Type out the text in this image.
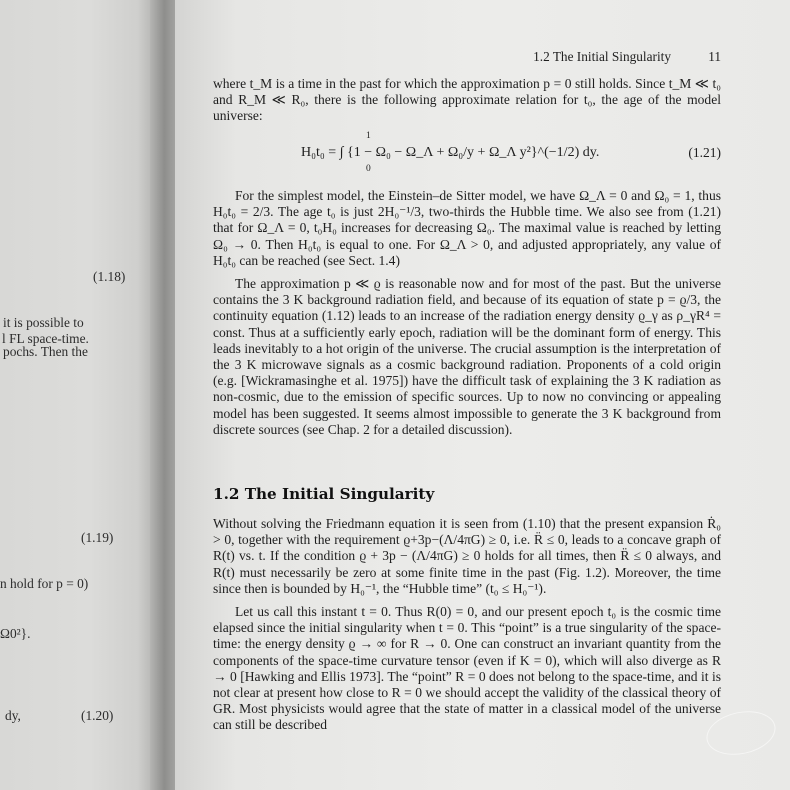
(1.18)
it is possible to
l FL space-time.
pochs. Then the
(1.19)
n hold for p = 0)
Ω0²}.
dy,	(1.20)
1.2 The Initial Singularity	11

where t_M is a time in the past for which the approximation p = 0 still holds. Since t_M ≪ t₀ and R_M ≪ R₀, there is the following approximate relation for t₀, the age of the model universe:

1
H₀t₀ = ∫ {1 − Ω₀ − Ω_Λ + Ω₀/y + Ω_Λ y²}^(−1/2) dy.
0
(1.21)

For the simplest model, the Einstein–de Sitter model, we have Ω_Λ = 0 and Ω₀ = 1, thus H₀t₀ = 2/3. The age t₀ is just 2H₀⁻¹/3, two-thirds the Hubble time. We also see from (1.21) that for Ω_Λ = 0, t₀H₀ increases for decreasing Ω₀. The maximal value is reached by letting Ω₀ → 0. Then H₀t₀ is equal to one. For Ω_Λ > 0, and adjusted appropriately, any value of H₀t₀ can be reached (see Sect. 1.4)

The approximation p ≪ ϱ is reasonable now and for most of the past. But the universe contains the 3 K background radiation field, and because of its equation of state p = ϱ/3, the continuity equation (1.12) leads to an increase of the radiation energy density ϱ_γ as ρ_γR⁴ = const. Thus at a sufficiently early epoch, radiation will be the dominant form of energy. This leads inevitably to a hot origin of the universe. The crucial assumption is the interpretation of the 3 K microwave signals as a cosmic background radiation. Proponents of a cold origin (e.g. [Wickramasinghe et al. 1975]) have the difficult task of explaining the 3 K radiation as non-cosmic, due to the emission of specific sources. Up to now no convincing or appealing model has been suggested. It seems almost impossible to generate the 3 K background from discrete sources (see Chap. 2 for a detailed discussion).

1.2 The Initial Singularity

Without solving the Friedmann equation it is seen from (1.10) that the present expansion Ṙ₀ > 0, together with the requirement ϱ+3p−(Λ/4πG) ≥ 0, i.e. R̈ ≤ 0, leads to a concave graph of R(t) vs. t. If the condition ϱ + 3p − (Λ/4πG) ≥ 0 holds for all times, then R̈ ≤ 0 always, and R(t) must necessarily be zero at some finite time in the past (Fig. 1.2). Moreover, the time since then is bounded by H₀⁻¹, the “Hubble time” (t₀ ≤ H₀⁻¹).

Let us call this instant t = 0. Thus R(0) = 0, and our present epoch t₀ is the cosmic time elapsed since the initial singularity when t = 0. This “point” is a true singularity of the space-time: the energy density ϱ → ∞ for R → 0. One can construct an invariant quantity from the components of the space-time curvature tensor (even if K = 0), which will also diverge as R → 0 [Hawking and Ellis 1973]. The “point” R = 0 does not belong to the space-time, and it is not clear at present how close to R = 0 we should accept the validity of the classical theory of GR. Most physicists would agree that the state of matter in a classical model of the universe can still be described
